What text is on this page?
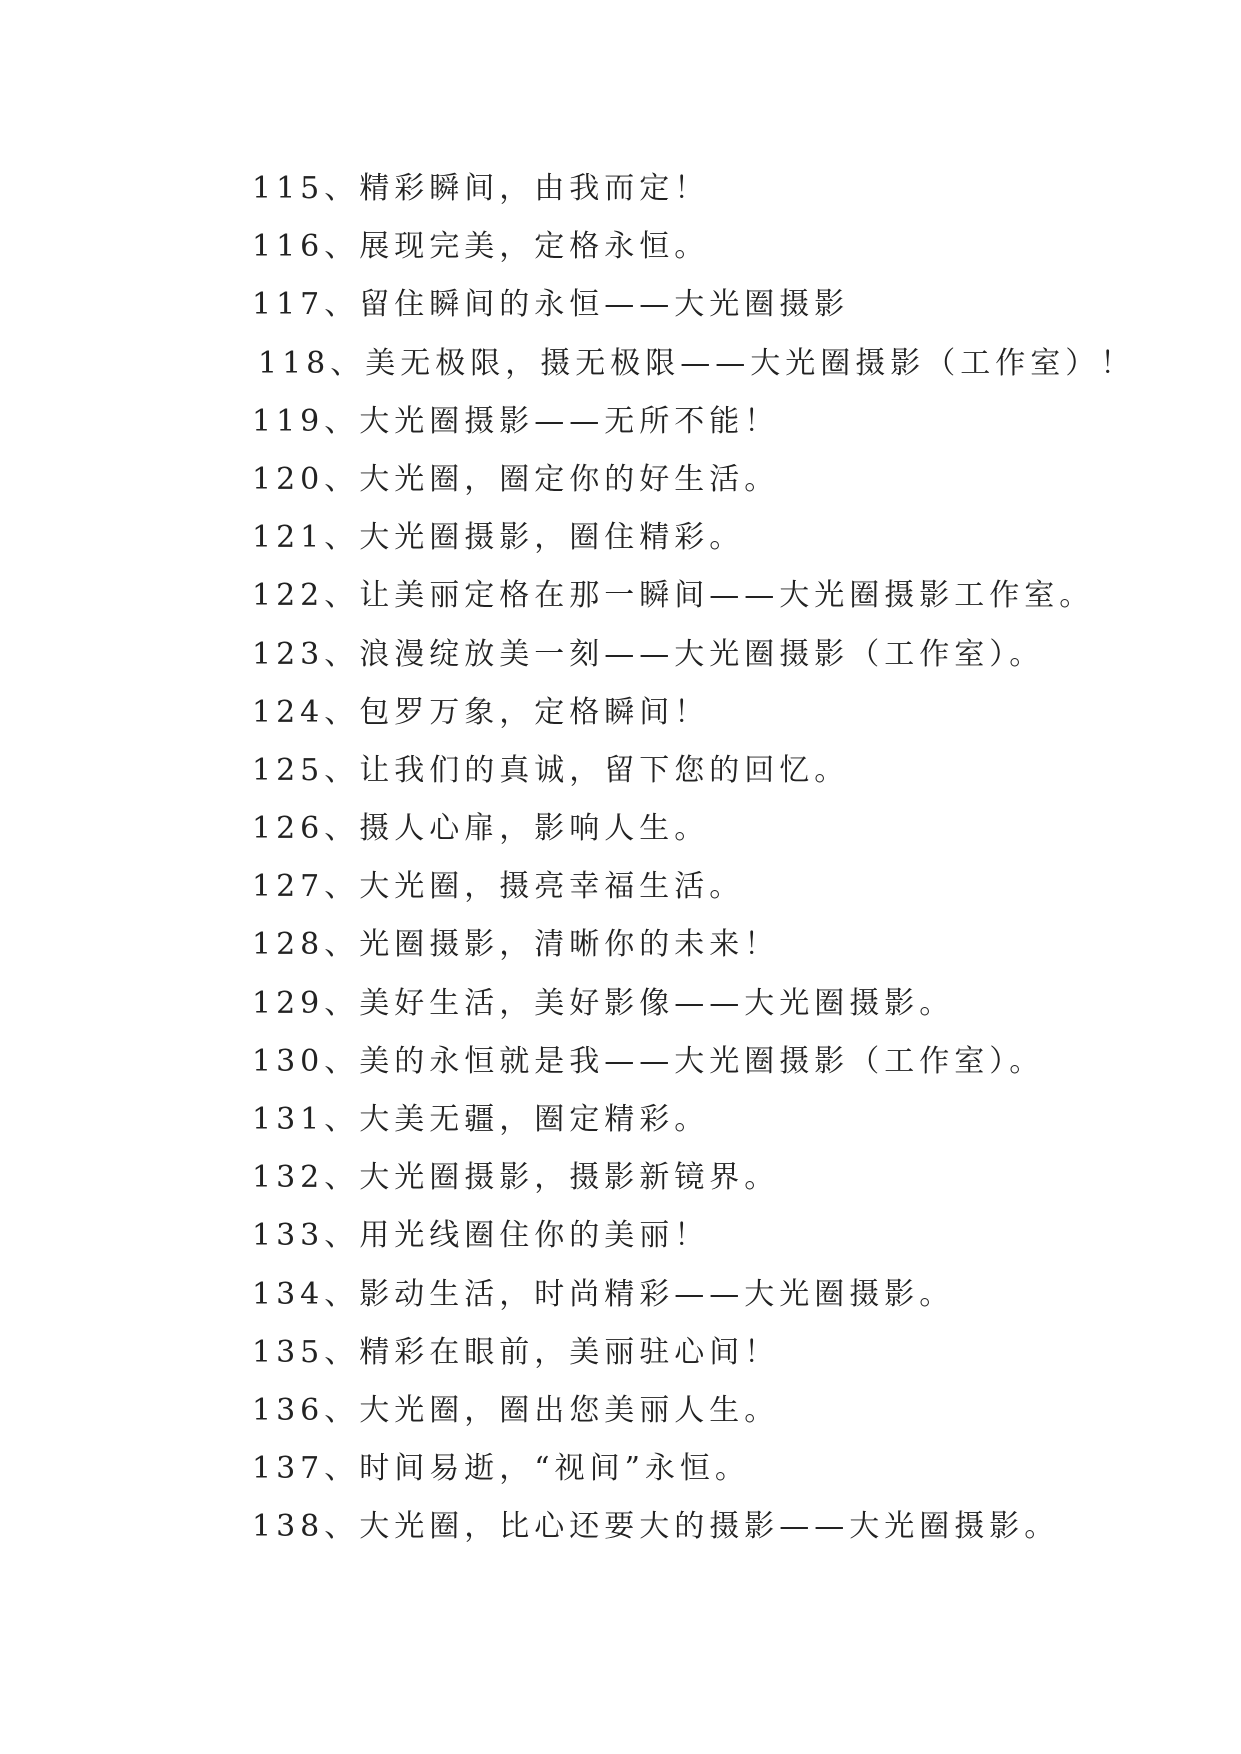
115、精彩瞬间，由我而定！
116、展现完美，定格永恒。
117、留住瞬间的永恒——大光圈摄影
118、美无极限，摄无极限——大光圈摄影（工作室）！
119、大光圈摄影——无所不能！
120、大光圈，圈定你的好生活。
121、大光圈摄影，圈住精彩。
122、让美丽定格在那一瞬间——大光圈摄影工作室。
123、浪漫绽放美一刻——大光圈摄影（工作室）。
124、包罗万象，定格瞬间！
125、让我们的真诚，留下您的回忆。
126、摄人心扉，影响人生。
127、大光圈，摄亮幸福生活。
128、光圈摄影，清晰你的未来！
129、美好生活，美好影像——大光圈摄影。
130、美的永恒就是我——大光圈摄影（工作室）。
131、大美无疆，圈定精彩。
132、大光圈摄影，摄影新镜界。
133、用光线圈住你的美丽！
134、影动生活，时尚精彩——大光圈摄影。
135、精彩在眼前，美丽驻心间！
136、大光圈，圈出您美丽人生。
137、时间易逝，“视间”永恒。
138、大光圈，比心还要大的摄影——大光圈摄影。
